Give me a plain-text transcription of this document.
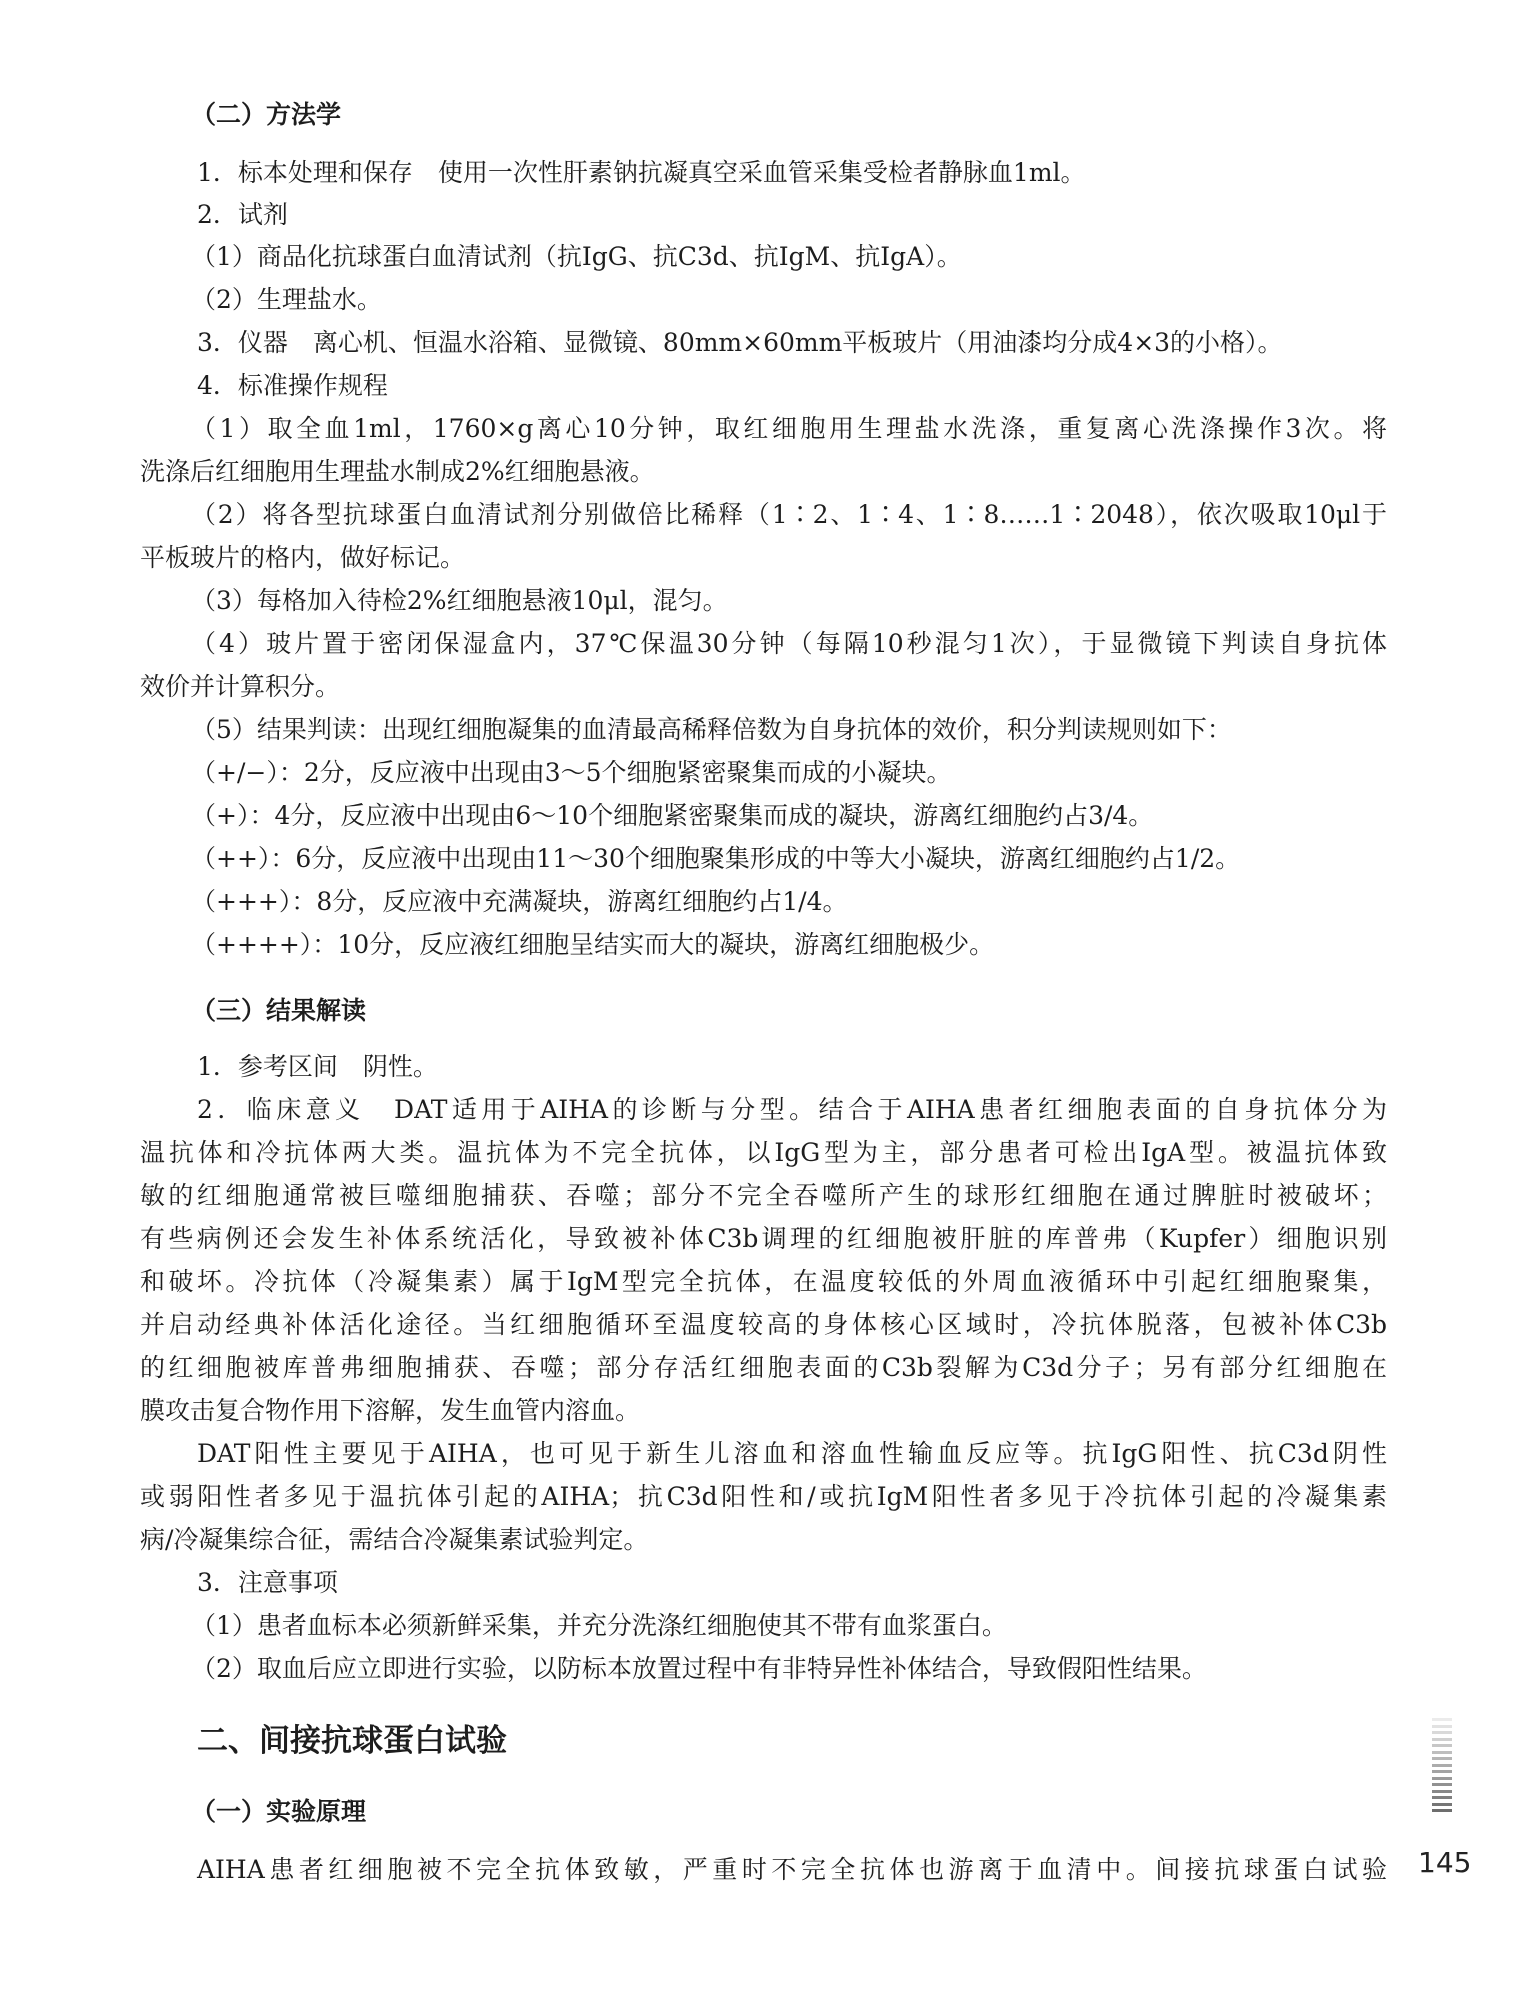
（二）方法学
1．标本处理和保存　使用一次性肝素钠抗凝真空采血管采集受检者静脉血1ml。
2．试剂
（1）商品化抗球蛋白血清试剂（抗IgG、抗C3d、抗IgM、抗IgA）。
（2）生理盐水。
3．仪器　离心机、恒温水浴箱、显微镜、80mm×60mm平板玻片（用油漆均分成4×3的小格）。
4．标准操作规程
（1）取全血1ml，1760×g离心10分钟，取红细胞用生理盐水洗涤，重复离心洗涤操作3次。将
洗涤后红细胞用生理盐水制成2%红细胞悬液。
（2）将各型抗球蛋白血清试剂分别做倍比稀释（1∶2、1∶4、1∶8……1∶2048），依次吸取10μl于
平板玻片的格内，做好标记。
（3）每格加入待检2%红细胞悬液10μl，混匀。
（4）玻片置于密闭保湿盒内，37℃保温30分钟（每隔10秒混匀1次），于显微镜下判读自身抗体
效价并计算积分。
（5）结果判读：出现红细胞凝集的血清最高稀释倍数为自身抗体的效价，积分判读规则如下：
（+/−）：2分，反应液中出现由3～5个细胞紧密聚集而成的小凝块。
（+）：4分，反应液中出现由6～10个细胞紧密聚集而成的凝块，游离红细胞约占3/4。
（++）：6分，反应液中出现由11～30个细胞聚集形成的中等大小凝块，游离红细胞约占1/2。
（+++）：8分，反应液中充满凝块，游离红细胞约占1/4。
（++++）：10分，反应液红细胞呈结实而大的凝块，游离红细胞极少。
（三）结果解读
1．参考区间　阴性。
2．临床意义　DAT适用于AIHA的诊断与分型。结合于AIHA患者红细胞表面的自身抗体分为
温抗体和冷抗体两大类。温抗体为不完全抗体，以IgG型为主，部分患者可检出IgA型。被温抗体致
敏的红细胞通常被巨噬细胞捕获、吞噬；部分不完全吞噬所产生的球形红细胞在通过脾脏时被破坏；
有些病例还会发生补体系统活化，导致被补体C3b调理的红细胞被肝脏的库普弗（Kupfer）细胞识别
和破坏。冷抗体（冷凝集素）属于IgM型完全抗体，在温度较低的外周血液循环中引起红细胞聚集，
并启动经典补体活化途径。当红细胞循环至温度较高的身体核心区域时，冷抗体脱落，包被补体C3b
的红细胞被库普弗细胞捕获、吞噬；部分存活红细胞表面的C3b裂解为C3d分子；另有部分红细胞在
膜攻击复合物作用下溶解，发生血管内溶血。
DAT阳性主要见于AIHA，也可见于新生儿溶血和溶血性输血反应等。抗IgG阳性、抗C3d阴性
或弱阳性者多见于温抗体引起的AIHA；抗C3d阳性和/或抗IgM阳性者多见于冷抗体引起的冷凝集素
病/冷凝集综合征，需结合冷凝集素试验判定。
3．注意事项
（1）患者血标本必须新鲜采集，并充分洗涤红细胞使其不带有血浆蛋白。
（2）取血后应立即进行实验，以防标本放置过程中有非特异性补体结合，导致假阳性结果。
二、间接抗球蛋白试验
（一）实验原理
AIHA患者红细胞被不完全抗体致敏，严重时不完全抗体也游离于血清中。间接抗球蛋白试验 145
